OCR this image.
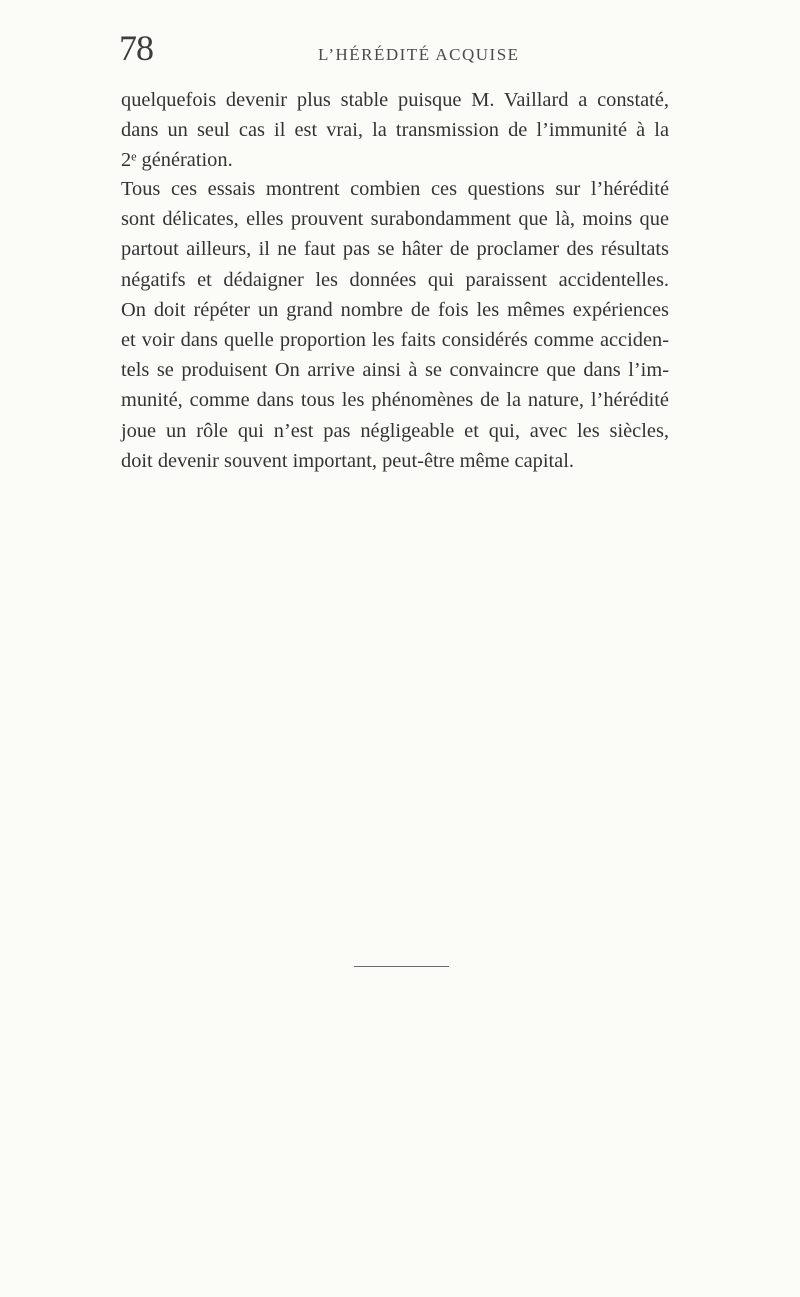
78	L’HÉRÉDITÉ ACQUISE
quelquefois devenir plus stable puisque M. Vaillard a constaté,
dans un seul cas il est vrai, la transmission de l’immunité à la
2ᵉ génération.
Tous ces essais montrent combien ces questions sur l’hérédité
sont délicates, elles prouvent surabondamment que là, moins que
partout ailleurs, il ne faut pas se hâter de proclamer des résultats
négatifs et dédaigner les données qui paraissent accidentelles.
On doit répéter un grand nombre de fois les mêmes expériences
et voir dans quelle proportion les faits considérés comme acciden-
tels se produisent On arrive ainsi à se convaincre que dans l’im-
munité, comme dans tous les phénomènes de la nature, l’hérédité
joue un rôle qui n’est pas négligeable et qui, avec les siècles,
doit devenir souvent important, peut-être même capital.
